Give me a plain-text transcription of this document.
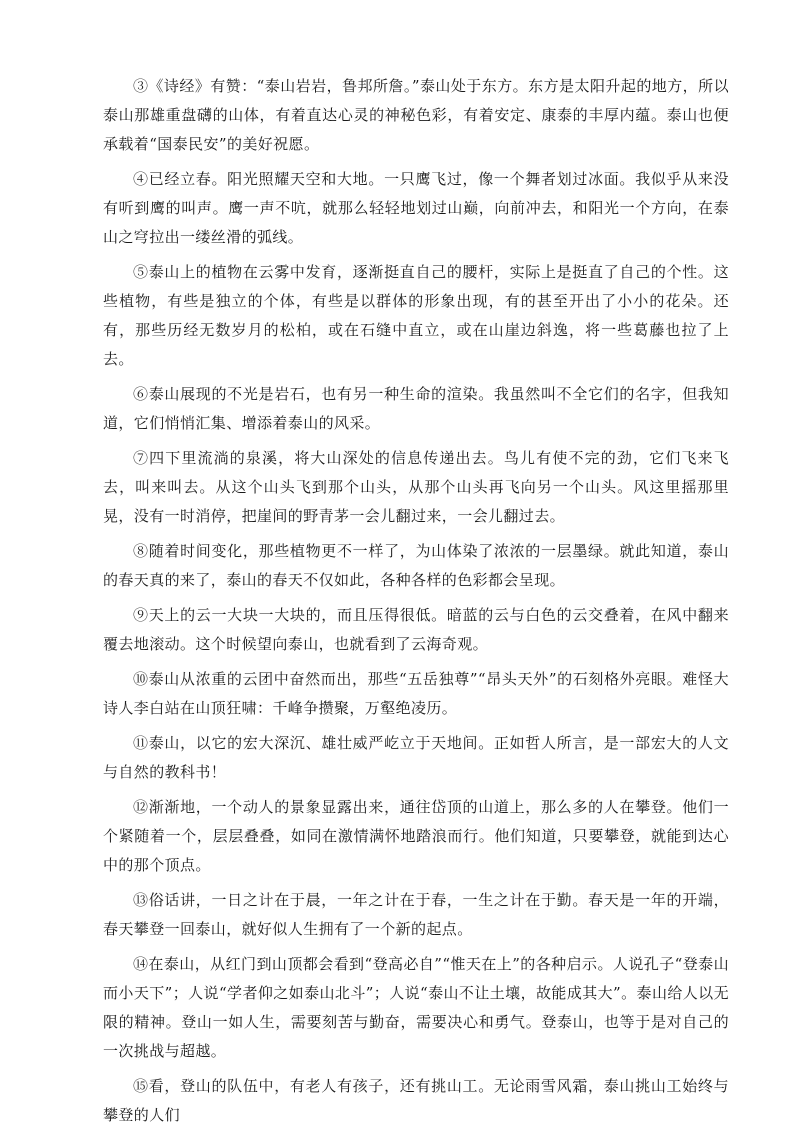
③《诗经》有赞：“泰山岩岩，鲁邦所詹。”泰山处于东方。东方是太阳升起的地方，所以泰山那雄重盘礴的山体，有着直达心灵的神秘色彩，有着安定、康泰的丰厚内蕴。泰山也便承载着“国泰民安”的美好祝愿。

④已经立春。阳光照耀天空和大地。一只鹰飞过，像一个舞者划过冰面。我似乎从来没有听到鹰的叫声。鹰一声不吭，就那么轻轻地划过山巅，向前冲去，和阳光一个方向，在泰山之穹拉出一缕丝滑的弧线。

⑤泰山上的植物在云雾中发育，逐渐挺直自己的腰杆，实际上是挺直了自己的个性。这些植物，有些是独立的个体，有些是以群体的形象出现，有的甚至开出了小小的花朵。还有，那些历经无数岁月的松柏，或在石缝中直立，或在山崖边斜逸，将一些葛藤也拉了上去。

⑥泰山展现的不光是岩石，也有另一种生命的渲染。我虽然叫不全它们的名字，但我知道，它们悄悄汇集、增添着泰山的风采。

⑦四下里流淌的泉溪，将大山深处的信息传递出去。鸟儿有使不完的劲，它们飞来飞去，叫来叫去。从这个山头飞到那个山头，从那个山头再飞向另一个山头。风这里摇那里晃，没有一时消停，把崖间的野青茅一会儿翻过来，一会儿翻过去。

⑧随着时间变化，那些植物更不一样了，为山体染了浓浓的一层墨绿。就此知道，泰山的春天真的来了，泰山的春天不仅如此，各种各样的色彩都会呈现。

⑨天上的云一大块一大块的，而且压得很低。暗蓝的云与白色的云交叠着，在风中翻来覆去地滚动。这个时候望向泰山，也就看到了云海奇观。

⑩泰山从浓重的云团中奋然而出，那些“五岳独尊”“昂头天外”的石刻格外亮眼。难怪大诗人李白站在山顶狂啸：千峰争攒聚，万壑绝凌历。

⑪泰山，以它的宏大深沉、雄壮威严屹立于天地间。正如哲人所言，是一部宏大的人文与自然的教科书！

⑫渐渐地，一个动人的景象显露出来，通往岱顶的山道上，那么多的人在攀登。他们一个紧随着一个，层层叠叠，如同在激情满怀地踏浪而行。他们知道，只要攀登，就能到达心中的那个顶点。

⑬俗话讲，一日之计在于晨，一年之计在于春，一生之计在于勤。春天是一年的开端，春天攀登一回泰山，就好似人生拥有了一个新的起点。

⑭在泰山，从红门到山顶都会看到“登高必自”“惟天在上”的各种启示。人说孔子“登泰山而小天下”；人说“学者仰之如泰山北斗”；人说“泰山不让土壤，故能成其大”。泰山给人以无限的精神。登山一如人生，需要刻苦与勤奋，需要决心和勇气。登泰山，也等于是对自己的一次挑战与超越。

⑮看，登山的队伍中，有老人有孩子，还有挑山工。无论雨雪风霜，泰山挑山工始终与攀登的人们
